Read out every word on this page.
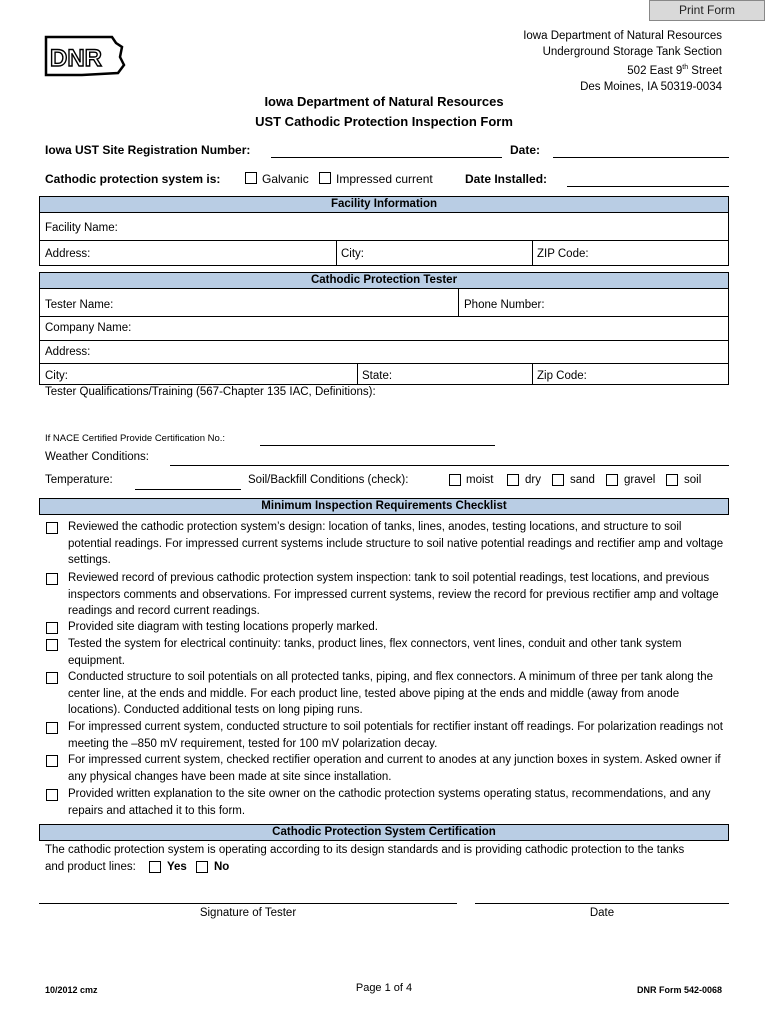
Print Form
DNR
Iowa Department of Natural Resources
Underground Storage Tank Section
502 East 9th Street
Des Moines, IA 50319-0034
Iowa Department of Natural Resources
UST Cathodic Protection Inspection Form
Iowa UST Site Registration Number:	Date:
Cathodic protection system is:	Galvanic Impressed current	Date Installed:
Facility Information
Facility Name:
Address:	City:	ZIP Code:
Cathodic Protection Tester
Tester Name:	Phone Number:
Company Name:
Address:
City:	State:	Zip Code:
Tester Qualifications/Training (567-Chapter 135 IAC, Definitions):
If NACE Certified Provide Certification No.:
Weather Conditions:
Temperature:	Soil/Backfill Conditions (check):	moist	dry	sand	gravel soil
Minimum Inspection Requirements Checklist
Reviewed the cathodic protection system’s design: location of tanks, lines, anodes, testing locations, and structure to soil potential readings. For impressed current systems include structure to soil native potential readings and rectifier amp and voltage settings.
Reviewed record of previous cathodic protection system inspection: tank to soil potential readings, test locations, and previous inspectors comments and observations. For impressed current systems, review the record for previous rectifier amp and voltage readings and record current readings.
Provided site diagram with testing locations properly marked.
Tested the system for electrical continuity: tanks, product lines, flex connectors, vent lines, conduit and other tank system equipment.
Conducted structure to soil potentials on all protected tanks, piping, and flex connectors. A minimum of three per tank along the center line, at the ends and middle. For each product line, tested above piping at the ends and middle (away from anode locations). Conducted additional tests on long piping runs.
For impressed current system, conducted structure to soil potentials for rectifier instant off readings. For polarization readings not meeting the –850 mV requirement, tested for 100 mV polarization decay.
For impressed current system, checked rectifier operation and current to anodes at any junction boxes in system. Asked owner if any physical changes have been made at site since installation.
Provided written explanation to the site owner on the cathodic protection systems operating status, recommendations, and any repairs and attached it to this form.
Cathodic Protection System Certification
The cathodic protection system is operating according to its design standards and is providing cathodic protection to the tanks
and product lines:	Yes No
Signature of Tester	Date
10/2012 cmz	Page 1 of 4	DNR Form 542-0068
